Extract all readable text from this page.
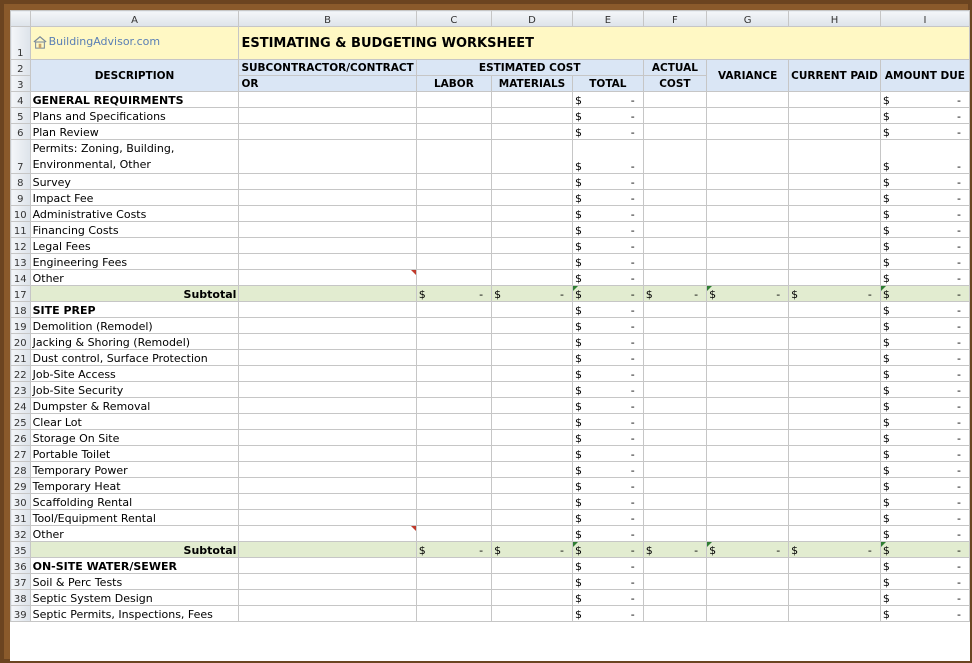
	A	B	C	D	E	F	G	H	I
1	BuildingAdvisor.com	ESTIMATING & BUDGETING WORKSHEET							
2	DESCRIPTION	SUBCONTRACTOR/CONTRACT	ESTIMATED COST			ACTUAL	VARIANCE	CURRENT PAID	AMOUNT DUE
3		OR	LABOR	MATERIALS	TOTAL	COST			
4	GENERAL REQUIRMENTS				$ -				$ -

5	Plans and Specifications				$ -				$ -

6	Plan Review				$ -				$ -

7	Permits: Zoning, Building,
Environmental, Other				$ -				$ -

8	Survey				$ -				$ -

9	Impact Fee				$ -				$ -

10	Administrative Costs				$ -				$ -

11	Financing Costs				$ -				$ -

12	Legal Fees				$ -				$ -

13	Engineering Fees				$ -				$ -

14	Other				$ -				$ -

17	Subtotal		$ -	$ -	$ -	$ -	$ -	$ -	$ -

18	SITE PREP				$ -				$ -

19	Demolition (Remodel)				$ -				$ -

20	Jacking & Shoring (Remodel)				$ -				$ -

21	Dust control, Surface Protection				$ -				$ -

22	Job-Site Access				$ -				$ -

23	Job-Site Security				$ -				$ -

24	Dumpster & Removal				$ -				$ -

25	Clear Lot				$ -				$ -

26	Storage On Site				$ -				$ -

27	Portable Toilet				$ -				$ -

28	Temporary Power				$ -				$ -

29	Temporary Heat				$ -				$ -

30	Scaffolding Rental				$ -				$ -

31	Tool/Equipment Rental				$ -				$ -

32	Other				$ -				$ -

35	Subtotal		$ -	$ -	$ -	$ -	$ -	$ -	$ -

36	ON-SITE WATER/SEWER				$ -				$ -

37	Soil & Perc Tests				$ -				$ -

38	Septic System Design				$ -				$ -

39	Septic Permits, Inspections, Fees				$ -				$ -
